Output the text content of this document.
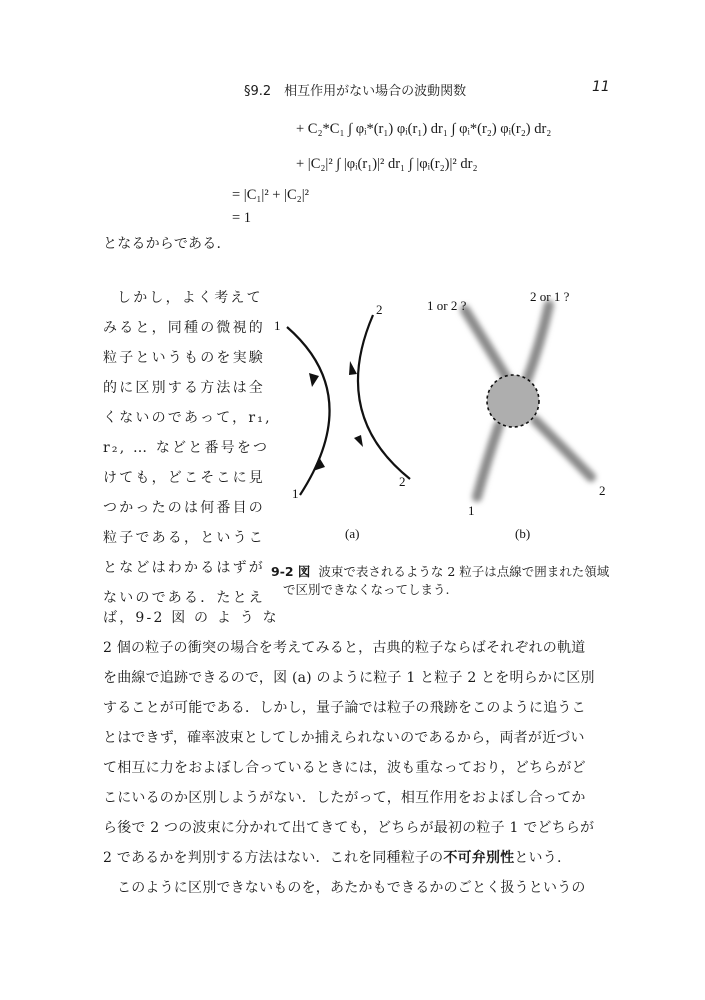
§9.2　相互作用がない場合の波動関数	11
+ C₂*C₁ ∫ φᵢ*(r₁) φᵢ(r₁) dr₁ ∫ φᵢ*(r₂) φᵢ(r₂) dr₂
+ |C₂|² ∫ |φᵢ(r₁)|² dr₁ ∫ |φᵢ(r₂)|² dr₂
= |C₁|² + |C₂|²
= 1
となるからである.
しかし，よく考えて
みると，同種の微視的
粒子というものを実験
的に区別する方法は全
くないのであって，r₁,
r₂, … などと番号をつ
けても，どこそこに見
つかったのは何番目の
粒子である，というこ
となどはわかるはずが
ないのである．たとえ
ば，9-2 図 の よ う な
1
1
2
2
(a)
1 or 2 ?
2 or 1 ?
1
2
(b)
9-2 図 波束で表されるような 2 粒子は点線で囲まれた領域
で区別できなくなってしまう.
2 個の粒子の衝突の場合を考えてみると，古典的粒子ならばそれぞれの軌道
を曲線で追跡できるので，図 (a) のように粒子 1 と粒子 2 とを明らかに区別
することが可能である．しかし，量子論では粒子の飛跡をこのように追うこ
とはできず，確率波束としてしか捕えられないのであるから，両者が近づい
て相互に力をおよぼし合っているときには，波も重なっており，どちらがど
こにいるのか区別しようがない．したがって，相互作用をおよぼし合ってか
ら後で 2 つの波束に分かれて出てきても，どちらが最初の粒子 1 でどちらが
2 であるかを判別する方法はない．これを同種粒子の不可弁別性という.
このように区別できないものを，あたかもできるかのごとく扱うというの
